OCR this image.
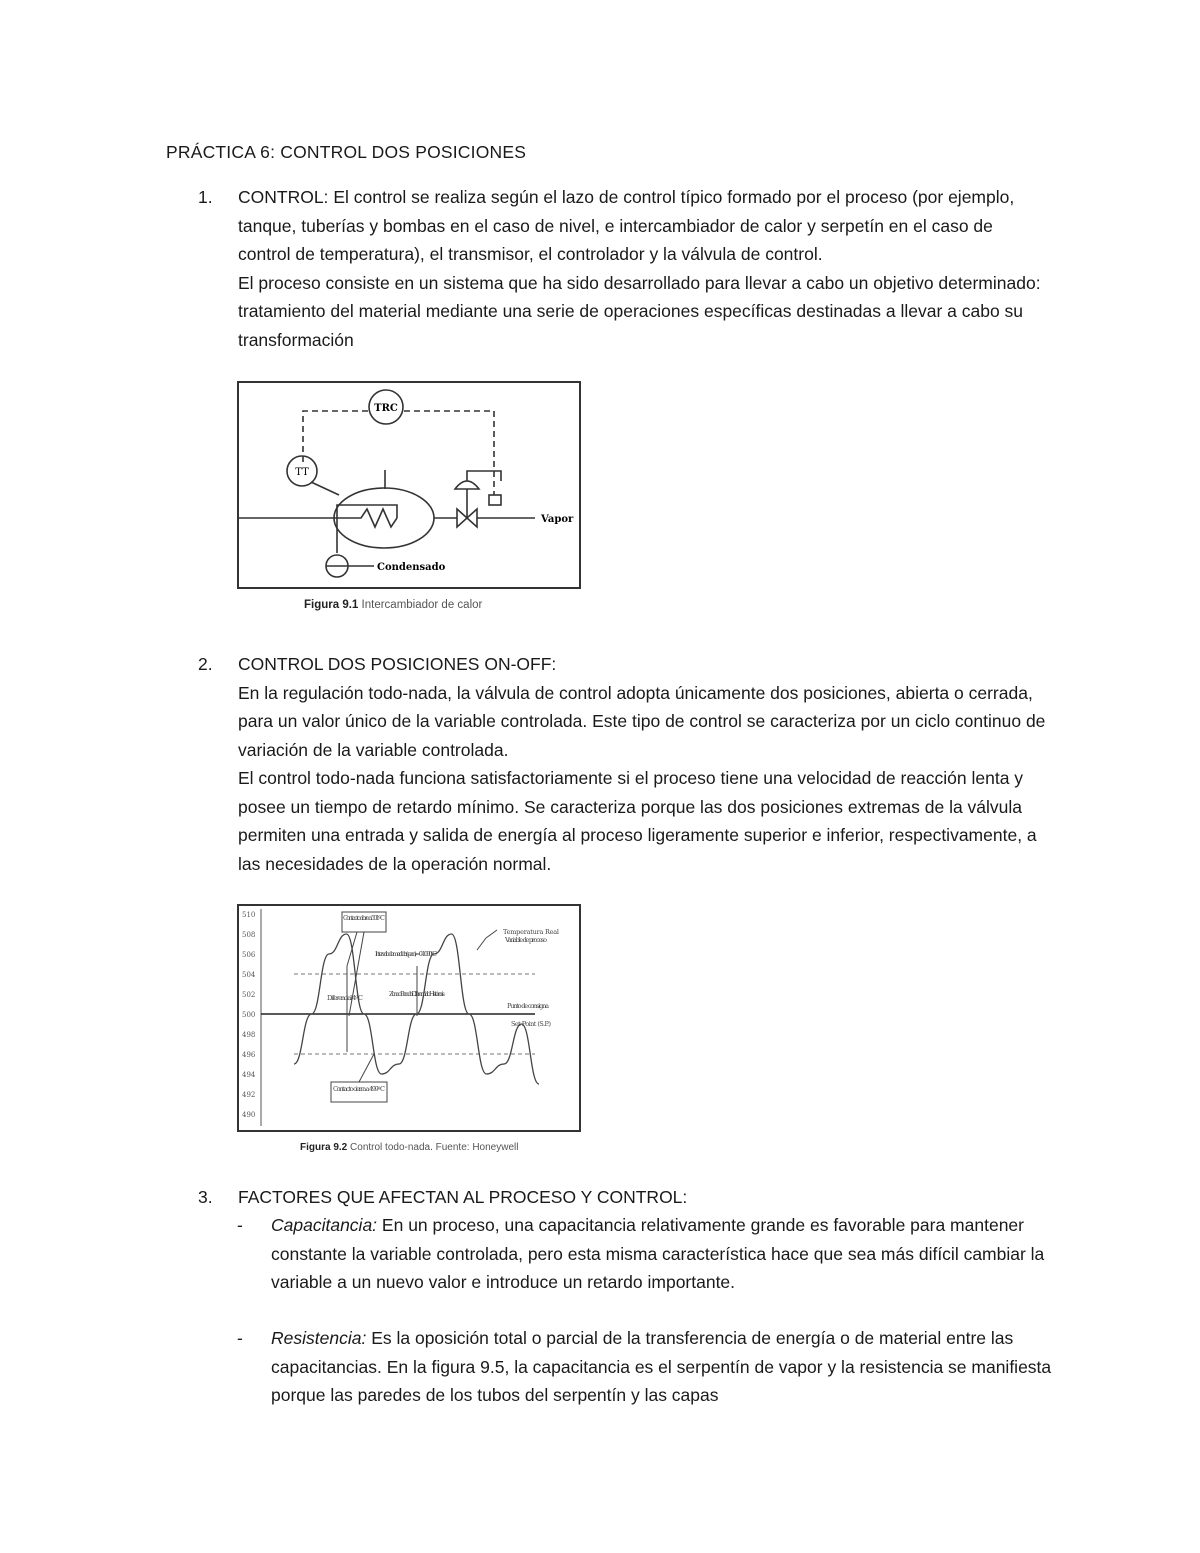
PRÁCTICA 6: CONTROL DOS POSICIONES
1. CONTROL: El control se realiza según el lazo de control típico formado por el proceso (por ejemplo, tanque, tuberías y bombas en el caso de nivel, e intercambiador de calor y serpetín en el caso de control de temperatura), el transmisor, el controlador y la válvula de control.

El proceso consiste en un sistema que ha sido desarrollado para llevar a cabo un objetivo determinado: tratamiento del material mediante una serie de operaciones específicas destinadas a llevar a cabo su transformación

TRC
TT
Vapor
Condensado
Figura 9.1 Intercambiador de calor
2. CONTROL DOS POSICIONES ON-OFF:

En la regulación todo-nada, la válvula de control adopta únicamente dos posiciones, abierta o cerrada, para un valor único de la variable controlada. Este tipo de control se caracteriza por un ciclo continuo de variación de la variable controlada.

El control todo-nada funciona satisfactoriamente si el proceso tiene una velocidad de reacción lenta y posee un tiempo de retardo mínimo. Se caracteriza porque las dos posiciones extremas de la válvula permiten una entrada y salida de energía al proceso ligeramente superior e inferior, respectivamente, a las necesidades de la operación normal.

510
508
506
504
502
500
498
496
494
492
490
Contacto abre a 501º C
Temperatura Real
Variable de proceso
Intervalo de medida (span) = 0 - 1000º C
Diferencial 4º C	Zona o Banda Diferencial o Histéresis
Punto de consigna
Set Point (S.P.)
Contacto cierra a 499º C
Figura 9.2 Control todo-nada. Fuente: Honeywell
3. FACTORES QUE AFECTAN AL PROCESO Y CONTROL:

- Capacitancia: En un proceso, una capacitancia relativamente grande es favorable para mantener constante la variable controlada, pero esta misma característica hace que sea más difícil cambiar la variable a un nuevo valor e introduce un retardo importante.
- Resistencia: Es la oposición total o parcial de la transferencia de energía o de material entre las capacitancias. En la figura 9.5, la capacitancia es el serpentín de vapor y la resistencia se manifiesta porque las paredes de los tubos del serpentín y las capas
